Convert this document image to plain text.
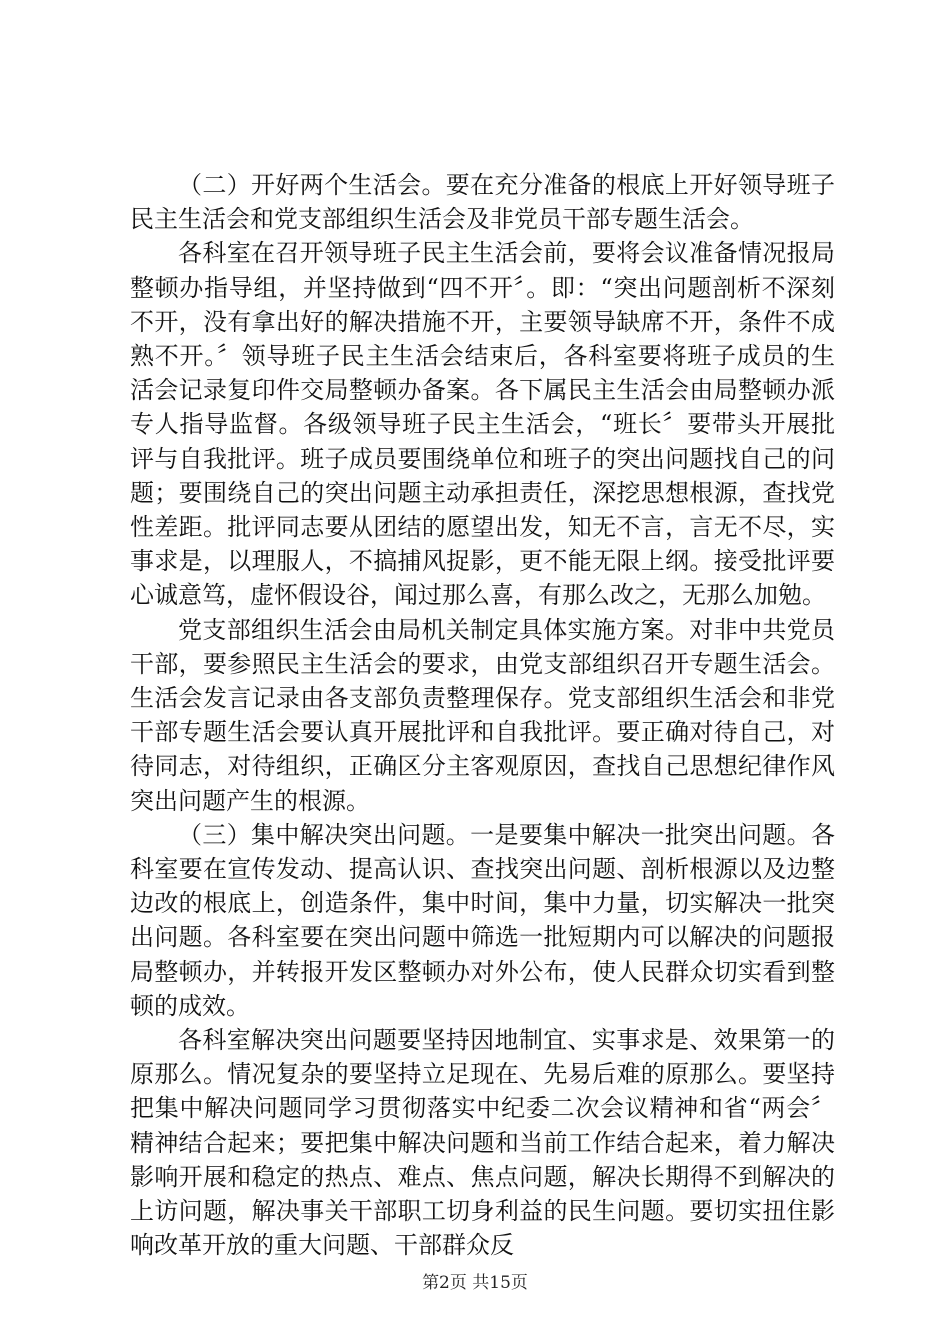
（二）开好两个生活会。要在充分准备的根底上开好领导班子民主生活会和党支部组织生活会及非党员干部专题生活会。

各科室在召开领导班子民主生活会前，要将会议准备情况报局整顿办指导组，并坚持做到“四不开〞。即：“突出问题剖析不深刻不开，没有拿出好的解决措施不开，主要领导缺席不开，条件不成熟不开。〞领导班子民主生活会结束后，各科室要将班子成员的生活会记录复印件交局整顿办备案。各下属民主生活会由局整顿办派专人指导监督。各级领导班子民主生活会，“班长〞要带头开展批评与自我批评。班子成员要围绕单位和班子的突出问题找自己的问题；要围绕自己的突出问题主动承担责任，深挖思想根源，查找党性差距。批评同志要从团结的愿望出发，知无不言，言无不尽，实事求是，以理服人，不搞捕风捉影，更不能无限上纲。接受批评要心诚意笃，虚怀假设谷，闻过那么喜，有那么改之，无那么加勉。

党支部组织生活会由局机关制定具体实施方案。对非中共党员干部，要参照民主生活会的要求，由党支部组织召开专题生活会。生活会发言记录由各支部负责整理保存。党支部组织生活会和非党干部专题生活会要认真开展批评和自我批评。要正确对待自己，对待同志，对待组织，正确区分主客观原因，查找自己思想纪律作风突出问题产生的根源。

（三）集中解决突出问题。一是要集中解决一批突出问题。各科室要在宣传发动、提高认识、查找突出问题、剖析根源以及边整边改的根底上，创造条件，集中时间，集中力量，切实解决一批突出问题。各科室要在突出问题中筛选一批短期内可以解决的问题报局整顿办，并转报开发区整顿办对外公布，使人民群众切实看到整顿的成效。

各科室解决突出问题要坚持因地制宜、实事求是、效果第一的原那么。情况复杂的要坚持立足现在、先易后难的原那么。要坚持把集中解决问题同学习贯彻落实中纪委二次会议精神和省“两会〞精神结合起来；要把集中解决问题和当前工作结合起来，着力解决影响开展和稳定的热点、难点、焦点问题，解决长期得不到解决的上访问题，解决事关干部职工切身利益的民生问题。要切实扭住影响改革开放的重大问题、干部群众反

第2页 共15页
